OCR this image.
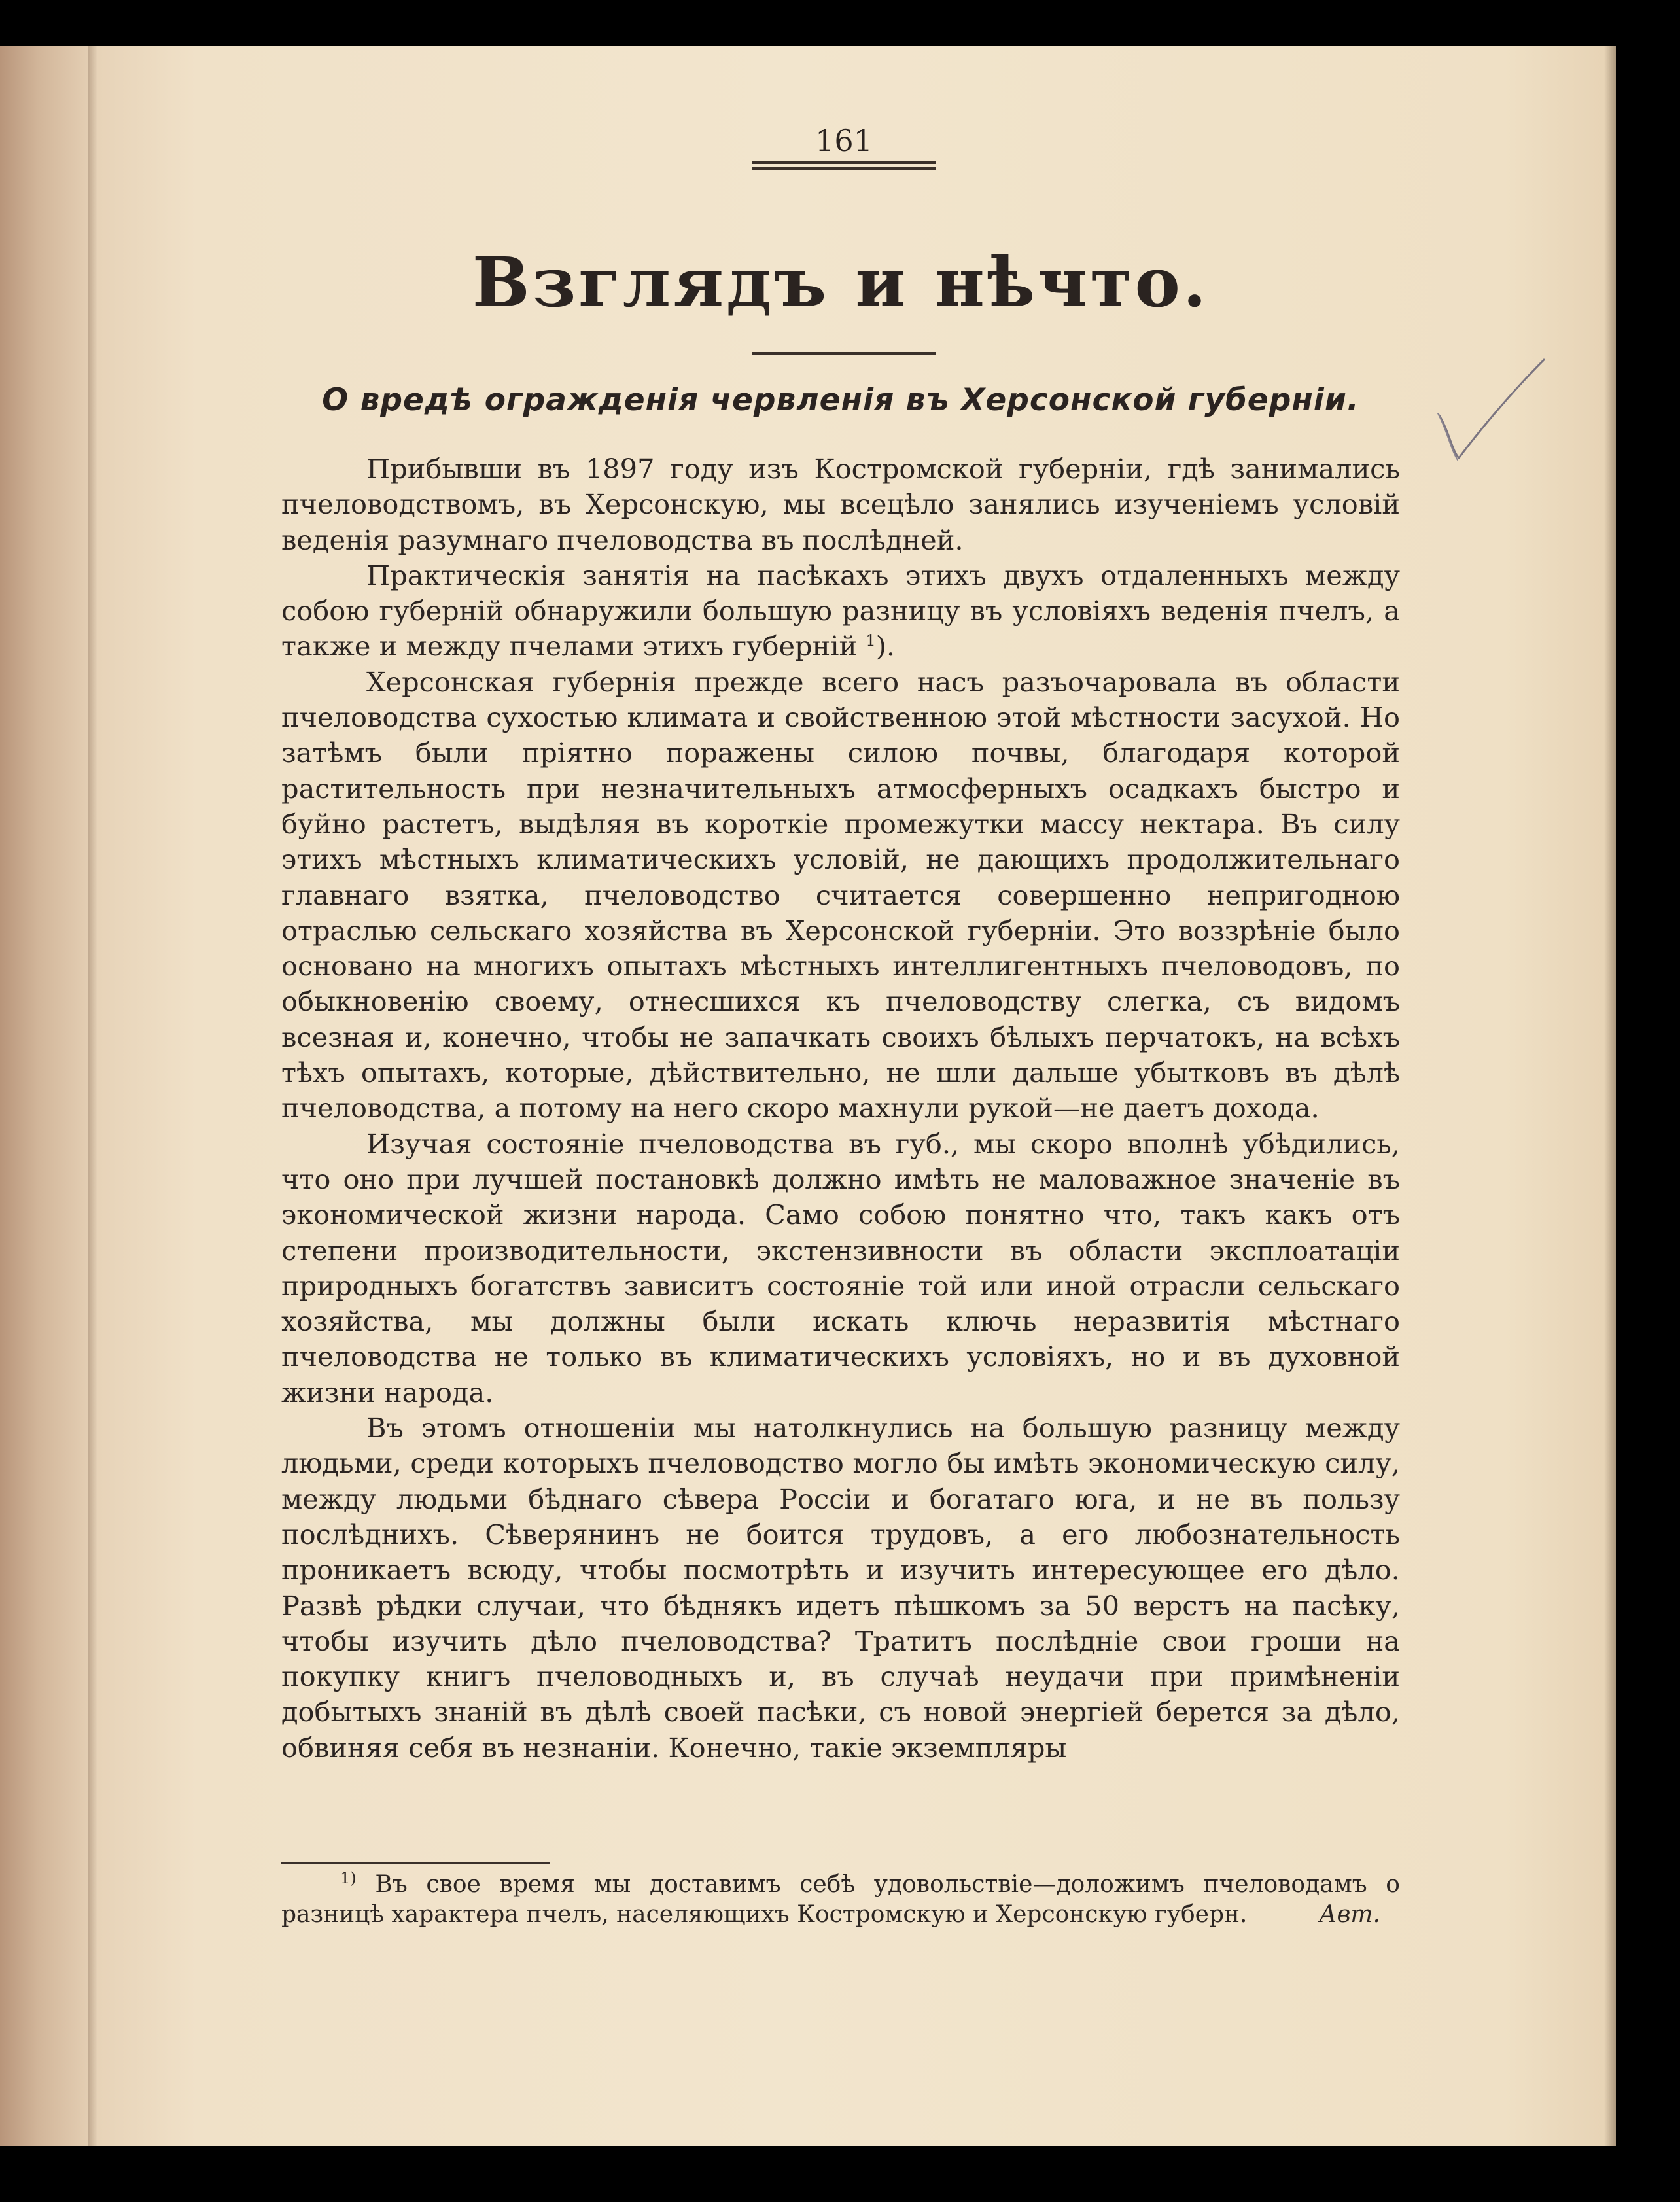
161
Взглядъ и нѣчто.
О вредѣ огражденія червленія въ Херсонской губерніи.

Прибывши въ 1897 году изъ Костромской губерніи, гдѣ занимались пчеловодствомъ, въ Херсонскую, мы всецѣло занялись изученіемъ условій веденія разумнаго пчеловодства въ послѣдней.

Практическія занятія на пасѣкахъ этихъ двухъ отдаленныхъ между собою губерній обнаружили большую разницу въ условіяхъ веденія пчелъ, а также и между пчелами этихъ губерній $^1$).

Херсонская губернія прежде всего насъ разъочаровала въ области пчеловодства сухостью климата и свойственною этой мѣстности засухой. Но затѣмъ были пріятно поражены силою почвы, благодаря которой растительность при незначительныхъ атмосферныхъ осадкахъ быстро и буйно растетъ, выдѣляя въ короткіе промежутки массу нектара. Въ силу этихъ мѣстныхъ климатическихъ условій, не дающихъ продолжительнаго главнаго взятка, пчеловодство считается совершенно непригодною отраслью сельскаго хозяйства въ Херсонской губерніи. Это воззрѣніе было основано на многихъ опытахъ мѣстныхъ интеллигентныхъ пчеловодовъ, по обыкновенію своему, отнесшихся къ пчеловодству слегка, съ видомъ всезная и, конечно, чтобы не запачкать своихъ бѣлыхъ перчатокъ, на всѣхъ тѣхъ опытахъ, которые, дѣйствительно, не шли дальше убытковъ въ дѣлѣ пчеловодства, а потому на него скоро махнули рукой—не даетъ дохода.

Изучая состояніе пчеловодства въ губ., мы скоро вполнѣ убѣдились, что оно при лучшей постановкѣ должно имѣть не маловажное значеніе въ экономической жизни народа. Само собою понятно что, такъ какъ отъ степени производительности, экстензивности въ области эксплоатаціи природныхъ богатствъ зависитъ состояніе той или иной отрасли сельскаго хозяйства, мы должны были искать ключь неразвитія мѣстнаго пчеловодства не только въ климатическихъ условіяхъ, но и въ духовной жизни народа.

Въ этомъ отношеніи мы натолкнулись на большую разницу между людьми, среди которыхъ пчеловодство могло бы имѣть экономическую силу, между людьми бѣднаго сѣвера Россіи и богатаго юга, и не въ пользу послѣднихъ. Сѣверянинъ не боится трудовъ, а его любознательность проникаетъ всюду, чтобы посмотрѣть и изучить интересующее его дѣло. Развѣ рѣдки случаи, что бѣднякъ идетъ пѣшкомъ за 50 верстъ на пасѣку, чтобы изучить дѣло пчеловодства? Тратитъ послѣдніе свои гроши на покупку книгъ пчеловодныхъ и, въ случаѣ неудачи при примѣненіи добытыхъ знаній въ дѣлѣ своей пасѣки, съ новой энергіей берется за дѣло, обвиняя себя въ незнаніи. Конечно, такіе экземпляры

$^{1)}$ Въ свое время мы доставимъ себѣ удовольствіе—доложимъ пчеловодамъ о разницѣ характера пчелъ, населяющихъ Костромскую и Херсонскую губерн.	Авт.
